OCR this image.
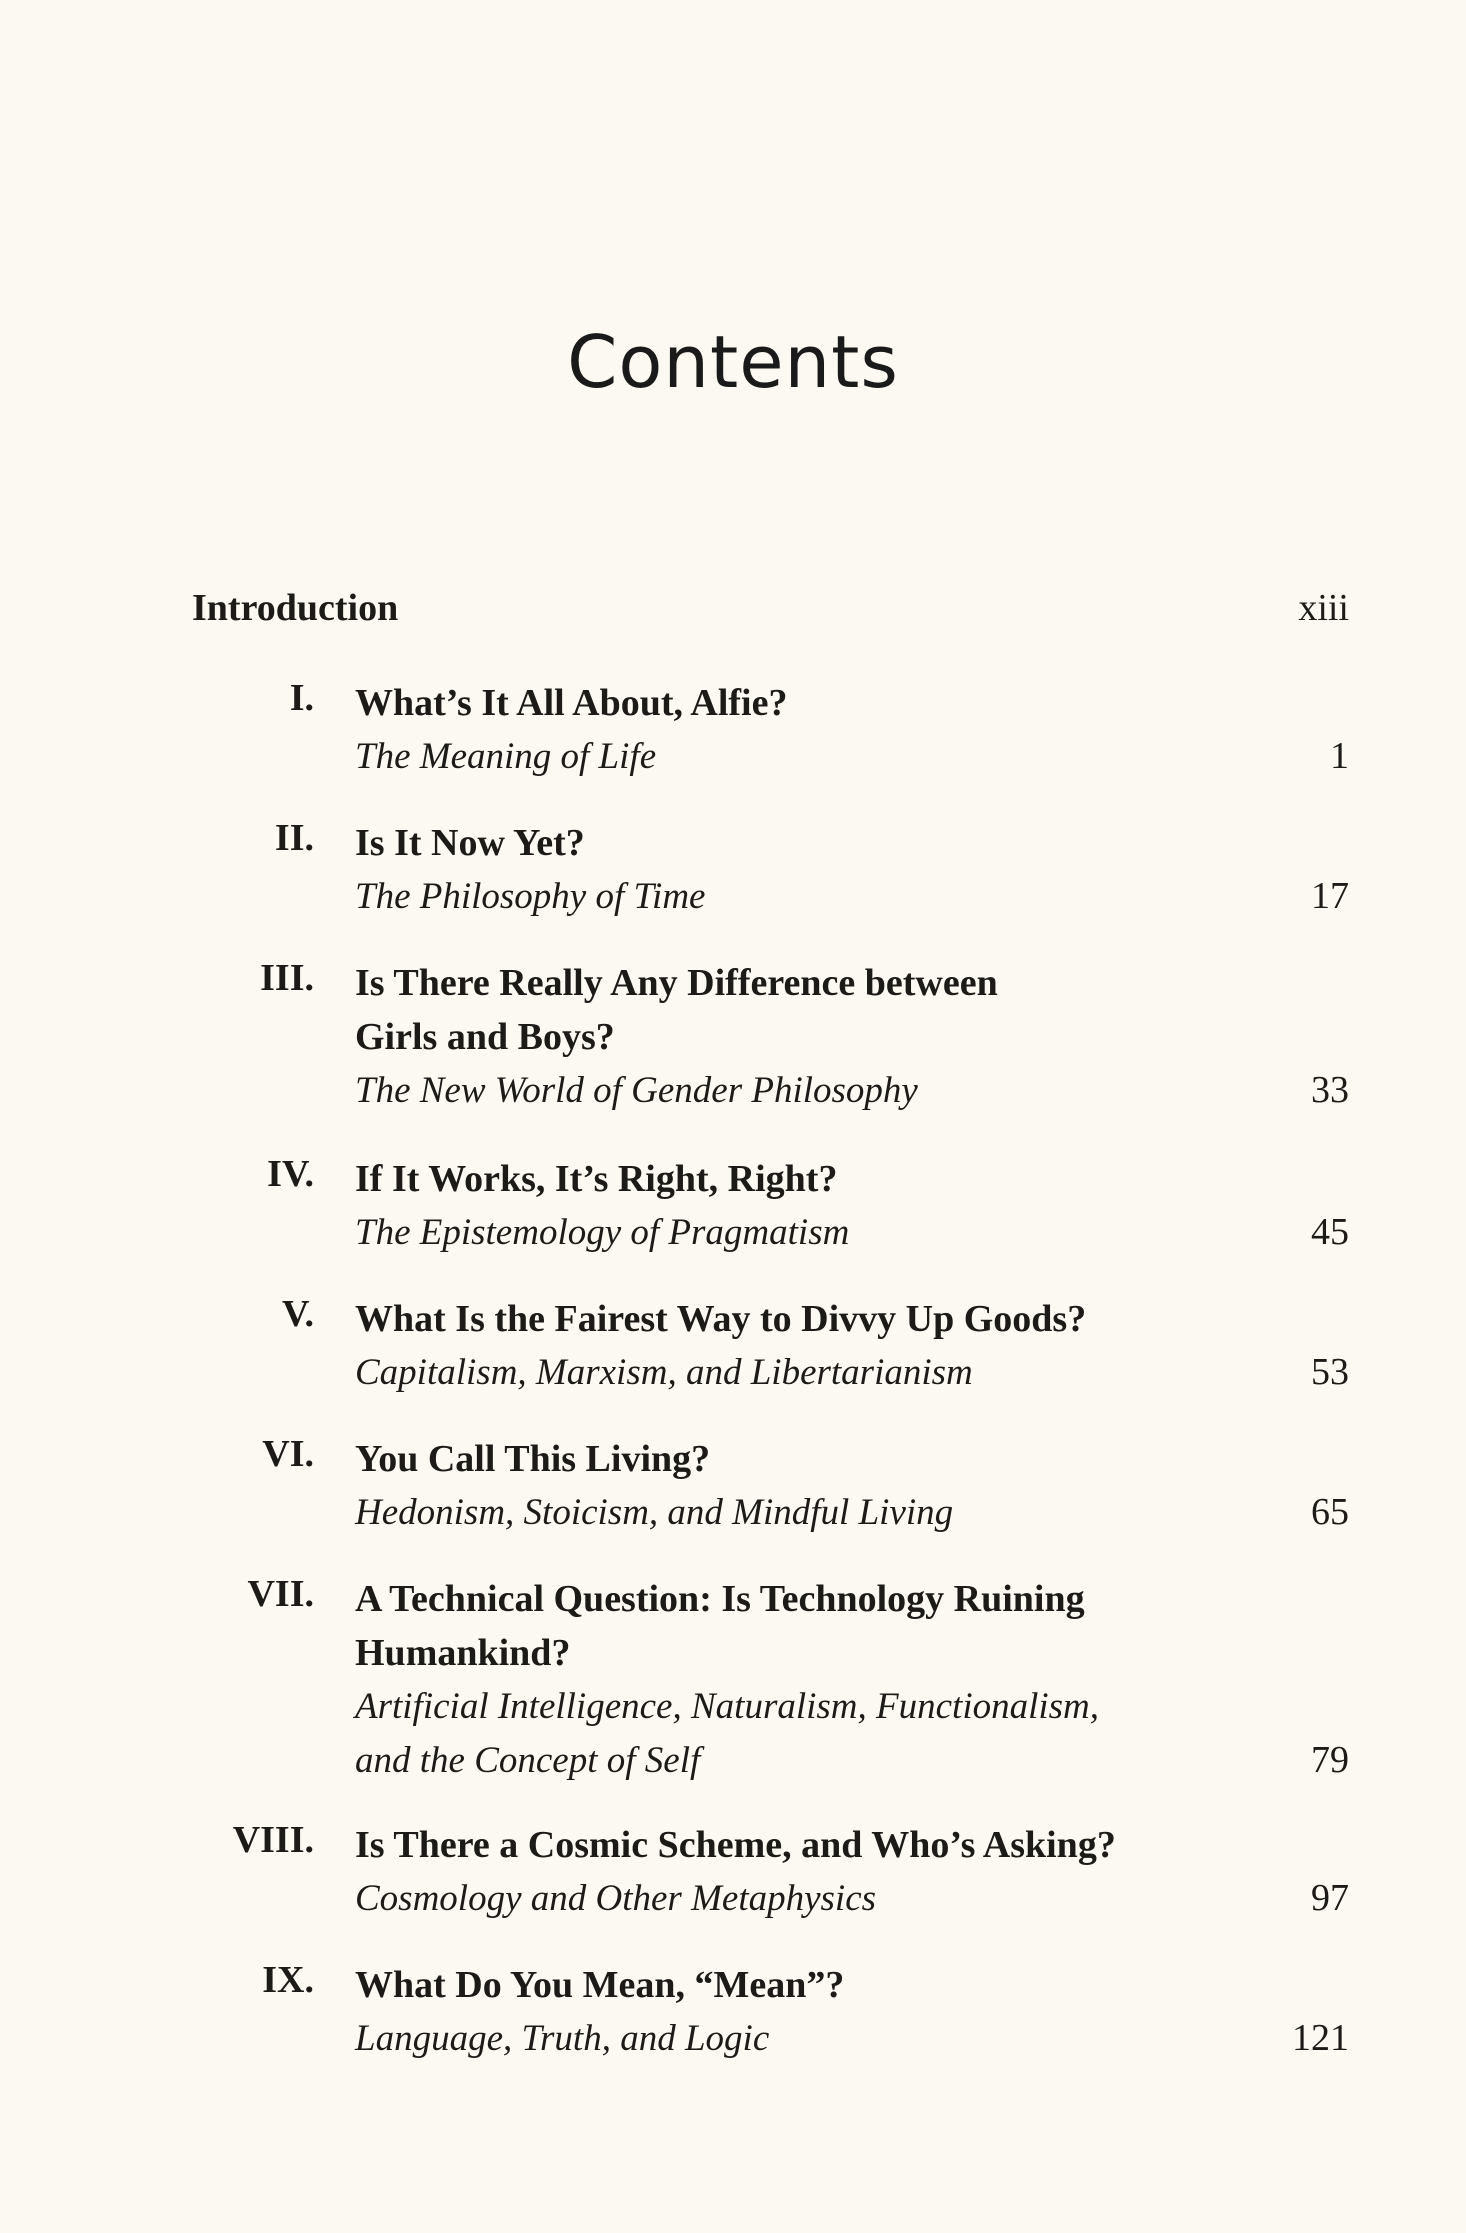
Contents
Introduction	xiii
I. What’s It All About, Alfie?
The Meaning of Life	1
II. Is It Now Yet?
The Philosophy of Time	17
III. Is There Really Any Difference between
Girls and Boys?
The New World of Gender Philosophy	33
IV. If It Works, It’s Right, Right?
The Epistemology of Pragmatism	45
V. What Is the Fairest Way to Divvy Up Goods?
Capitalism, Marxism, and Libertarianism	53
VI. You Call This Living?
Hedonism, Stoicism, and Mindful Living	65
VII. A Technical Question: Is Technology Ruining
Humankind?
Artificial Intelligence, Naturalism, Functionalism,
and the Concept of Self	79
VIII. Is There a Cosmic Scheme, and Who’s Asking?
Cosmology and Other Metaphysics	97
IX. What Do You Mean, “Mean”?
Language, Truth, and Logic	121
